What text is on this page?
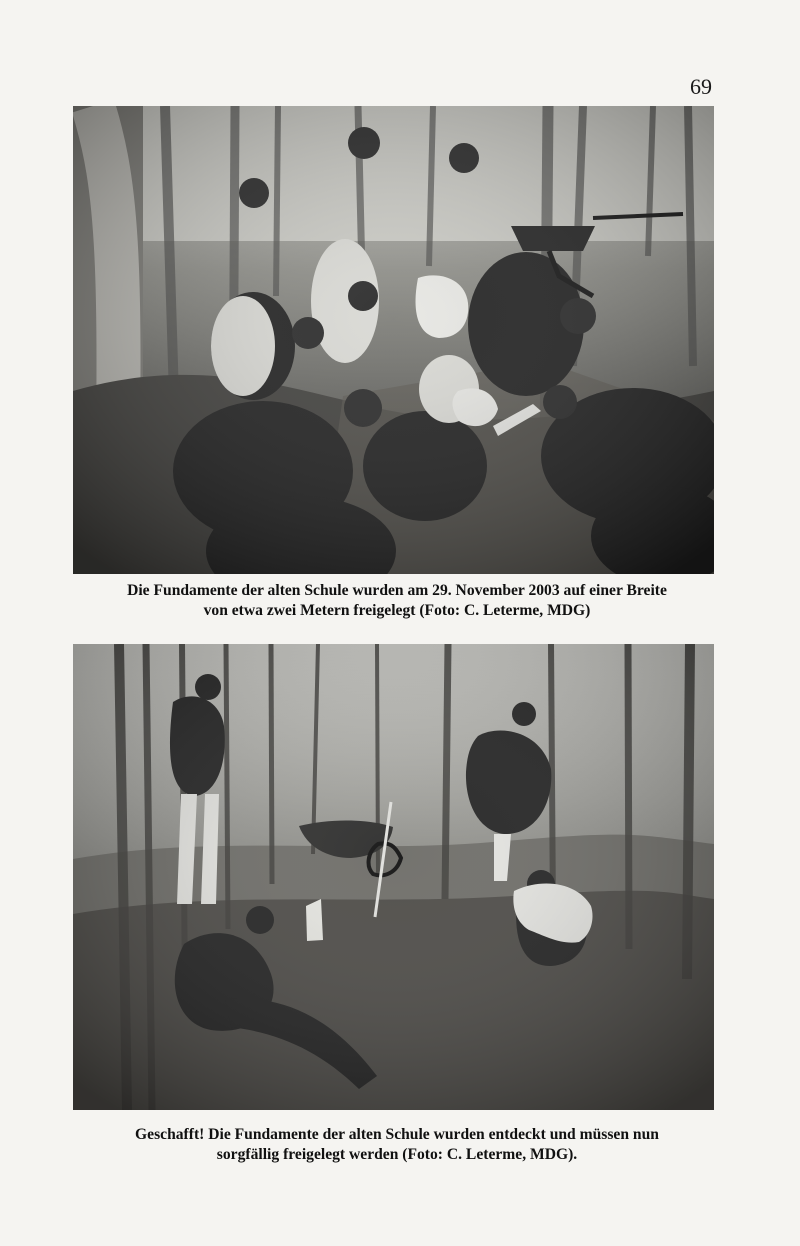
69
Die Fundamente der alten Schule wurden am 29. November 2003 auf einer Breite
von etwa zwei Metern freigelegt (Foto: C. Leterme, MDG)
Geschafft! Die Fundamente der alten Schule wurden entdeckt und müssen nun
sorgfällig freigelegt werden (Foto: C. Leterme, MDG).
